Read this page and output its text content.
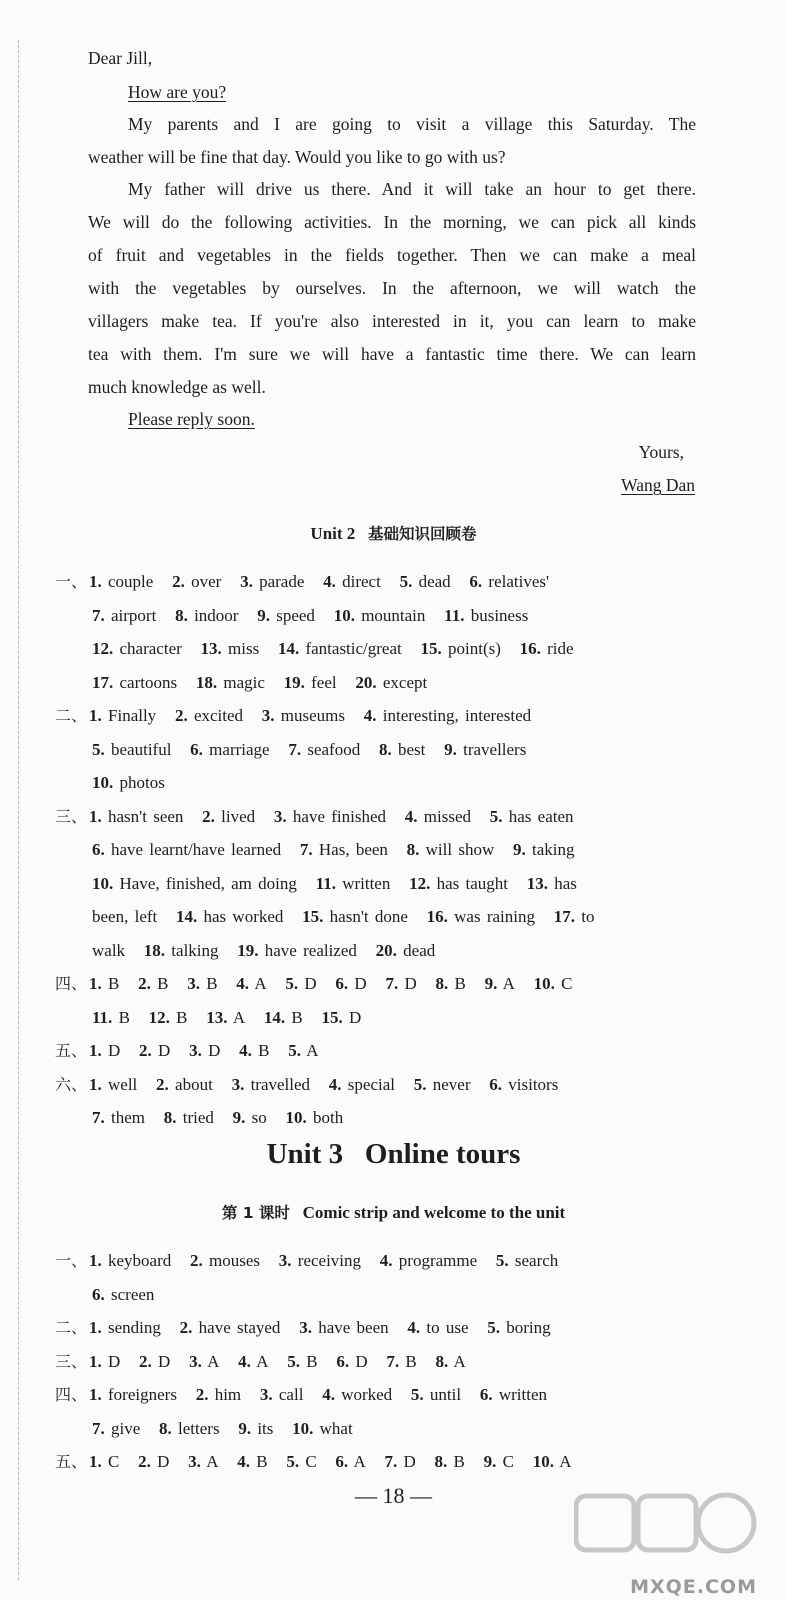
Dear Jill,
How are you?
My parents and I are going to visit a village this Saturday. The
weather will be fine that day. Would you like to go with us?
My father will drive us there. And it will take an hour to get there.
We will do the following activities. In the morning, we can pick all kinds
of fruit and vegetables in the fields together. Then we can make a meal
with the vegetables by ourselves. In the afternoon, we will watch the
villagers make tea. If you're also interested in it, you can learn to make
tea with them. I'm sure we will have a fantastic time there. We can learn
much knowledge as well.
Please reply soon.
Yours,
Wang Dan
Unit 2 基础知识回顾卷
一、 1. couple 2. over 3. parade 4. direct 5. dead 6. relatives'
7. airport 8. indoor 9. speed 10. mountain 11. business
12. character 13. miss 14. fantastic/great 15. point(s) 16. ride
17. cartoons 18. magic 19. feel 20. except
二、 1. Finally 2. excited 3. museums 4. interesting, interested
5. beautiful 6. marriage 7. seafood 8. best 9. travellers
10. photos
三、 1. hasn't seen 2. lived 3. have finished 4. missed 5. has eaten
6. have learnt/have learned 7. Has, been 8. will show 9. taking
10. Have, finished, am doing 11. written 12. has taught 13. has
been, left 14. has worked 15. hasn't done 16. was raining 17. to
walk 18. talking 19. have realized 20. dead
四、 1. B 2. B 3. B 4. A 5. D 6. D 7. D 8. B 9. A 10. C
11. B 12. B 13. A 14. B 15. D
五、 1. D 2. D 3. D 4. B 5. A
六、 1. well 2. about 3. travelled 4. special 5. never 6. visitors
7. them 8. tried 9. so 10. both
Unit 3   Online tours
第 1 课时 Comic strip and welcome to the unit
一、 1. keyboard 2. mouses 3. receiving 4. programme 5. search
6. screen
二、 1. sending 2. have stayed 3. have been 4. to use 5. boring
三、 1. D 2. D 3. A 4. A 5. B 6. D 7. B 8. A
四、 1. foreigners 2. him 3. call 4. worked 5. until 6. written
7. give 8. letters 9. its 10. what
五、 1. C 2. D 3. A 4. B 5. C 6. A 7. D 8. B 9. C 10. A
— 18 —
MXQE.COM
